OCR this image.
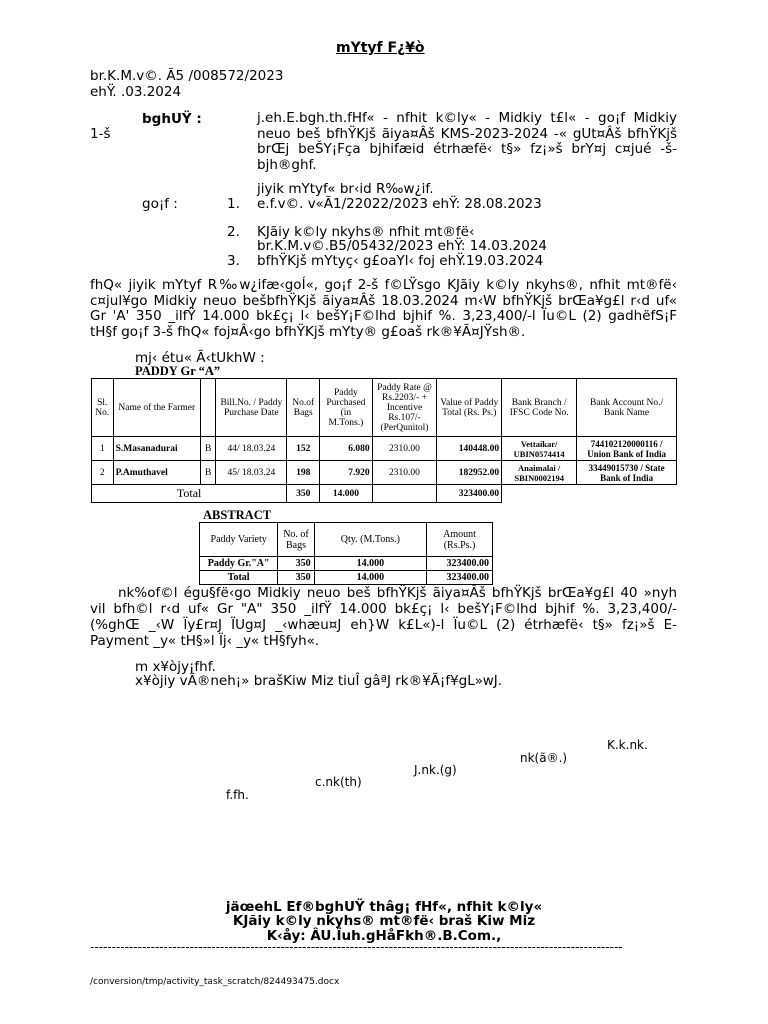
mYtyf F¿¥ò
br.K.M.v©. Ã5 /008572/2023
ehŸ. .03.2024
bghUŸ :
1-š
j.eh.E.bgh.th.fHf« - nfhit k©ly« - Midkiy t£l« - go¡f Midkiy neuo beš bfhŸKjš ãiya¤Âš KMS-2023-2024 -« gUt¤Âš bfhŸKjš brŒj beŠY¡Fça bjhifæid étrhæfë‹ t§» fz¡»š brY¤j c¤jué ‑š-bjh®ghf.
jiyik mYtyf« br‹id R‰w¿if.
go¡f :	1. e.f.v©. v«Ã1/22022/2023 ehŸ: 28.08.2023
2. KJãiy k©ly nkyhs® nfhit mt®fë‹
br.K.M.v©.B5/05432/2023 ehŸ: 14.03.2024
3. bfhŸKjš mYtyç‹ g£oaYl‹ foj ehŸ.19.03.2024
fhQ« jiyik mYtyf R‰w¿ifæ‹goÍ«, go¡f 2-š f©LŸsgo KJãiy k©ly nkyhs®, nfhit mt®fë‹ c¤jul¥go Midkiy neuo bešbfhŸKjš ãiya¤Âš 18.03.2024 m‹W bfhŸKjš brŒa¥g£l r‹d uf« Gr 'A' 350 _ilfŸ 14.000 bk£ç¡ l‹ bešY¡F©lhd bjhif %. 3,23,400/-l Ïu©L (2) gadhëfS¡F tH§f go¡f 3-š fhQ« foj¤Â‹go bfhŸKjš mYty® g£oaš rk®¥Ã¤JŸsh®.
mj‹ étu« Ã‹tUkhW :
PADDY Gr “A”
Sl. No.	Name of the Farmer		Bill.No. / Paddy Purchase Date	No.of Bags	Paddy Purchased (in M.Tons.)	Paddy Rate @ Rs.2203/- + Incentive Rs.107/- (PerQunitol)	Value of Paddy Total (Rs. Ps.)	Bank Branch / IFSC Code No.	Bank Account No./ Bank Name
1	S.Masanadurai	B	44/ 18.03.24	152	6.080	2310.00	140448.00	Vettaikar/ UBIN0574414	744102120000116 / Union Bank of India
2	P.Amuthavel	B	45/ 18.03.24	198	7.920	2310.00	182952.00	Anaimalai / SBIN0002194	33449015730 / State Bank of India
Total				350	14.000		323400.00		
ABSTRACT
Paddy Variety	No. of Bags	Qty. (M.Tons.)	Amount (Rs.Ps.)
Paddy Gr."A"	350	14.000	323400.00
Total	350	14.000	323400.00
nk%of©l égu§fë‹go Midkiy neuo beš bfhŸKjš ãiya¤Âš bfhŸKjš brŒa¥g£l 40 »nyh vil bfh©l r‹d uf« Gr "A" 350 _ilfŸ 14.000 bk£ç¡ l‹ bešY¡F©lhd bjhif %. 3,23,400/- (%ghŒ _‹W Ïy£r¤J ÏUg¤J _‹whæu¤J eh}W k£L«)-l Ïu©L (2) étrhæfë‹ t§» fz¡»š E-Payment _y« tH§»l Ïj‹ _y« tH§fyh«.
m x¥òjy¡fhf.
x¥òjiy vÃ®neh¡» brašKiw Miz tiuÎ gâªJ rk®¥Ã¡f¥gL»wJ.
K.k.nk.
nk(ã®.)
J.nk.(g)
c.nk(th)
f.fh.
jäœehL Ef®bghUŸ thâg¡ fHf«, nfhit k©ly«
KJãiy k©ly nkyhs® mt®fë‹ braš Kiw Miz
K‹åy: ÂU.Ïuh.gHåFkh®.B.Com.,
---------------------------------------------------------------------------------------------------------------------------
/conversion/tmp/activity_task_scratch/824493475.docx
